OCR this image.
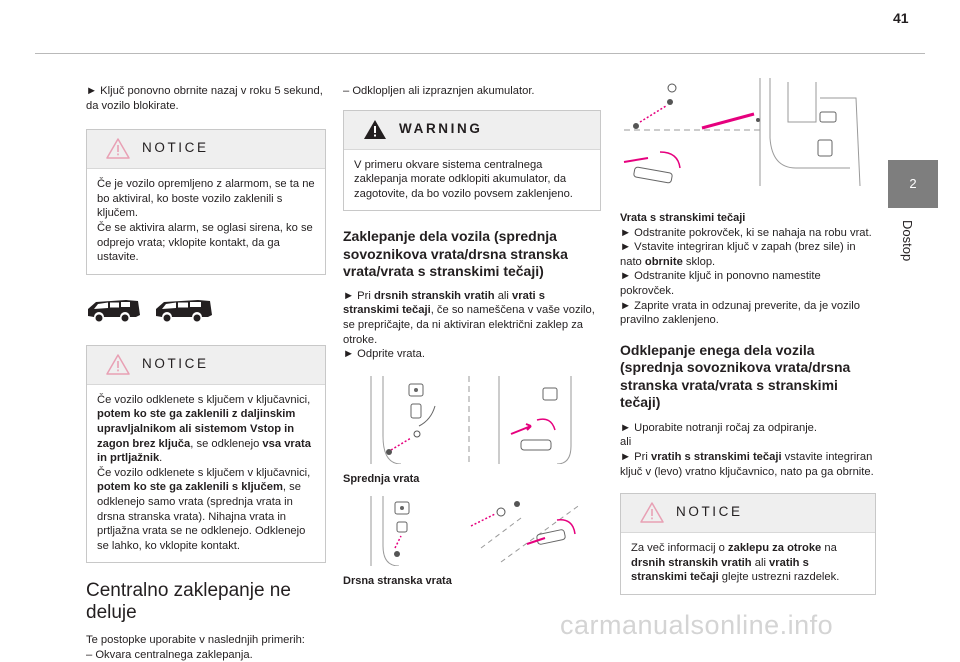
41
2
Dostop

► Ključ ponovno obrnite nazaj v roku 5 sekund, da vozilo blokirate.

NOTICE

Če je vozilo opremljeno z alarmom, se ta ne bo aktiviral, ko boste vozilo zaklenili s ključem.

Če se aktivira alarm, se oglasi sirena, ko se odprejo vrata; vklopite kontakt, da ga ustavite.

NOTICE

Če vozilo odklenete s ključem v ključavnici, potem ko ste ga zaklenili z daljinskim upravljalnikom ali sistemom Vstop in zagon brez ključa, se odklenejo vsa vrata in prtljažnik.

Če vozilo odklenete s ključem v ključavnici, potem ko ste ga zaklenili s ključem, se odklenejo samo vrata (sprednja vrata in drsna stranska vrata). Nihajna vrata in prtljažna vrata se ne odklenejo. Odklenejo se lahko, ko vklopite kontakt.

Centralno zaklepanje ne deluje

Te postopke uporabite v naslednjih primerih:

– Okvara centralnega zaklepanja.

– Odklopljen ali izpraznjen akumulator.

WARNING

V primeru okvare sistema centralnega zaklepanja morate odklopiti akumulator, da zagotovite, da bo vozilo povsem zaklenjeno.

Zaklepanje dela vozila (sprednja sovoznikova vrata/drsna stranska vrata/vrata s stranskimi tečaji)

► Pri drsnih stranskih vratih ali vrati s stranskimi tečaji, če so nameščena v vaše vozilo, se prepričajte, da ni aktiviran električni zaklep za otroke.

► Odprite vrata.

Sprednja vrata

Drsna stranska vrata

Vrata s stranskimi tečaji

► Odstranite pokrovček, ki se nahaja na robu vrat.

► Vstavite integriran ključ v zapah (brez sile) in nato obrnite sklop.

► Odstranite ključ in ponovno namestite pokrovček.

► Zaprite vrata in odzunaj preverite, da je vozilo pravilno zaklenjeno.

Odklepanje enega dela vozila (sprednja sovoznikova vrata/drsna stranska vrata/vrata s stranskimi tečaji)

► Uporabite notranji ročaj za odpiranje.

ali

► Pri vratih s stranskimi tečaji vstavite integriran ključ v (levo) vratno ključavnico, nato pa ga obrnite.

NOTICE

Za več informacij o zaklepu za otroke na drsnih stranskih vratih ali vratih s stranskimi tečaji glejte ustrezni razdelek.

carmanualsonline.info
